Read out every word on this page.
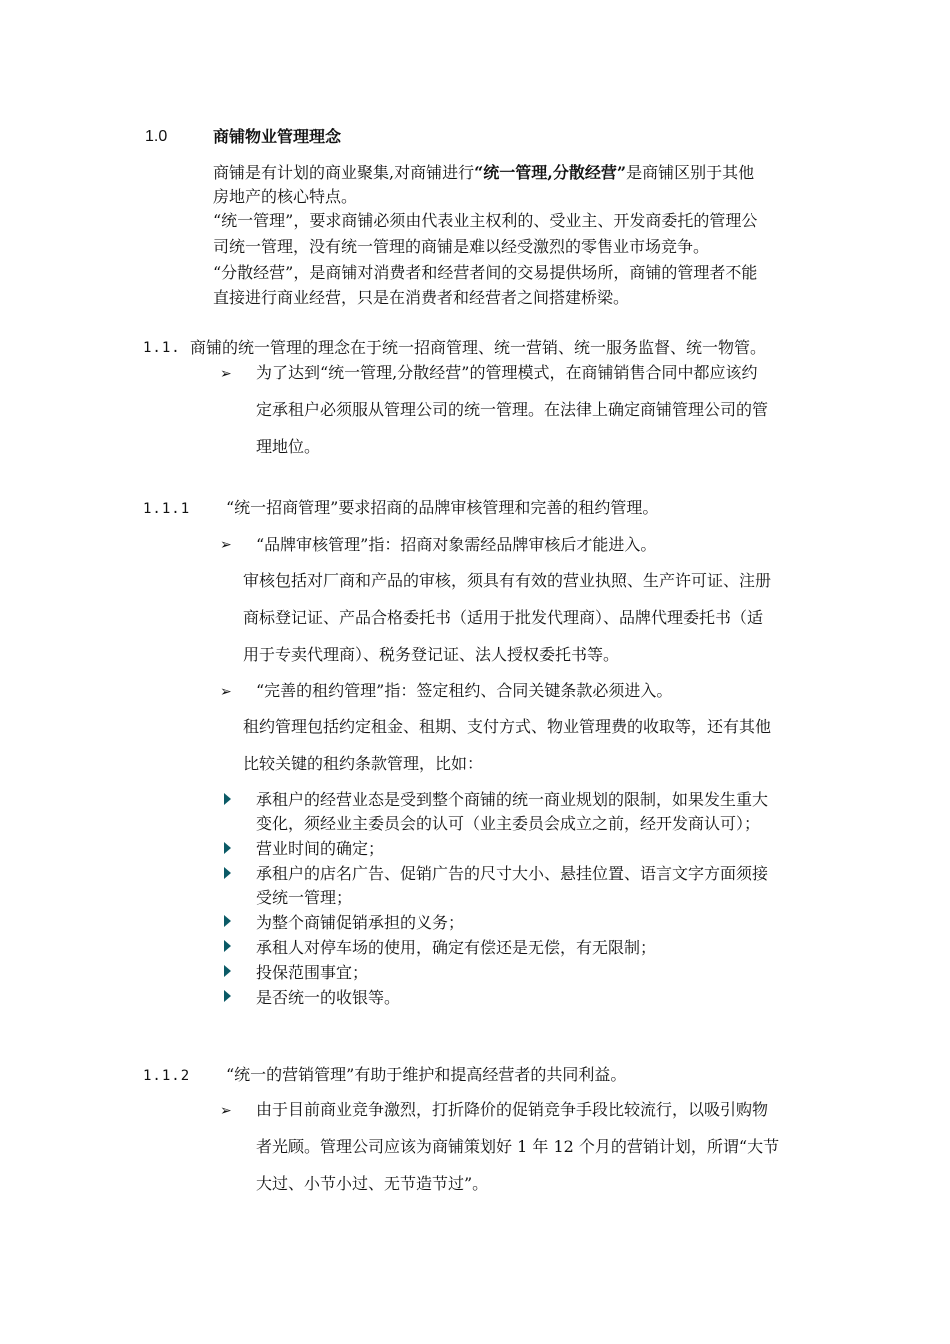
1.0	商铺物业管理理念
商铺是有计划的商业聚集,对商铺进行“统一管理,分散经营”是商铺区别于其他
房地产的核心特点。
“统一管理”，要求商铺必须由代表业主权利的、受业主、开发商委托的管理公
司统一管理，没有统一管理的商铺是难以经受激烈的零售业市场竞争。
“分散经营”，是商铺对消费者和经营者间的交易提供场所，商铺的管理者不能
直接进行商业经营，只是在消费者和经营者之间搭建桥梁。
1.1. 商铺的统一管理的理念在于统一招商管理、统一营销、统一服务监督、统一物管。
➢ 为了达到“统一管理,分散经营”的管理模式，在商铺销售合同中都应该约
定承租户必须服从管理公司的统一管理。在法律上确定商铺管理公司的管
理地位。
1.1.1 “统一招商管理”要求招商的品牌审核管理和完善的租约管理。
➢ “品牌审核管理”指：招商对象需经品牌审核后才能进入。
审核包括对厂商和产品的审核，须具有有效的营业执照、生产许可证、注册
商标登记证、产品合格委托书（适用于批发代理商）、品牌代理委托书（适
用于专卖代理商）、税务登记证、法人授权委托书等。
➢ “完善的租约管理”指：签定租约、合同关键条款必须进入。
租约管理包括约定租金、租期、支付方式、物业管理费的收取等，还有其他
比较关键的租约条款管理，比如：
承租户的经营业态是受到整个商铺的统一商业规划的限制，如果发生重大
变化，须经业主委员会的认可（业主委员会成立之前，经开发商认可）；
营业时间的确定；
承租户的店名广告、促销广告的尺寸大小、悬挂位置、语言文字方面须接
受统一管理；
为整个商铺促销承担的义务；
承租人对停车场的使用，确定有偿还是无偿，有无限制；
投保范围事宜；
是否统一的收银等。
1.1.2 “统一的营销管理”有助于维护和提高经营者的共同利益。
➢ 由于目前商业竞争激烈，打折降价的促销竞争手段比较流行，以吸引购物
者光顾。管理公司应该为商铺策划好 1 年 12 个月的营销计划，所谓“大节
大过、小节小过、无节造节过”。
